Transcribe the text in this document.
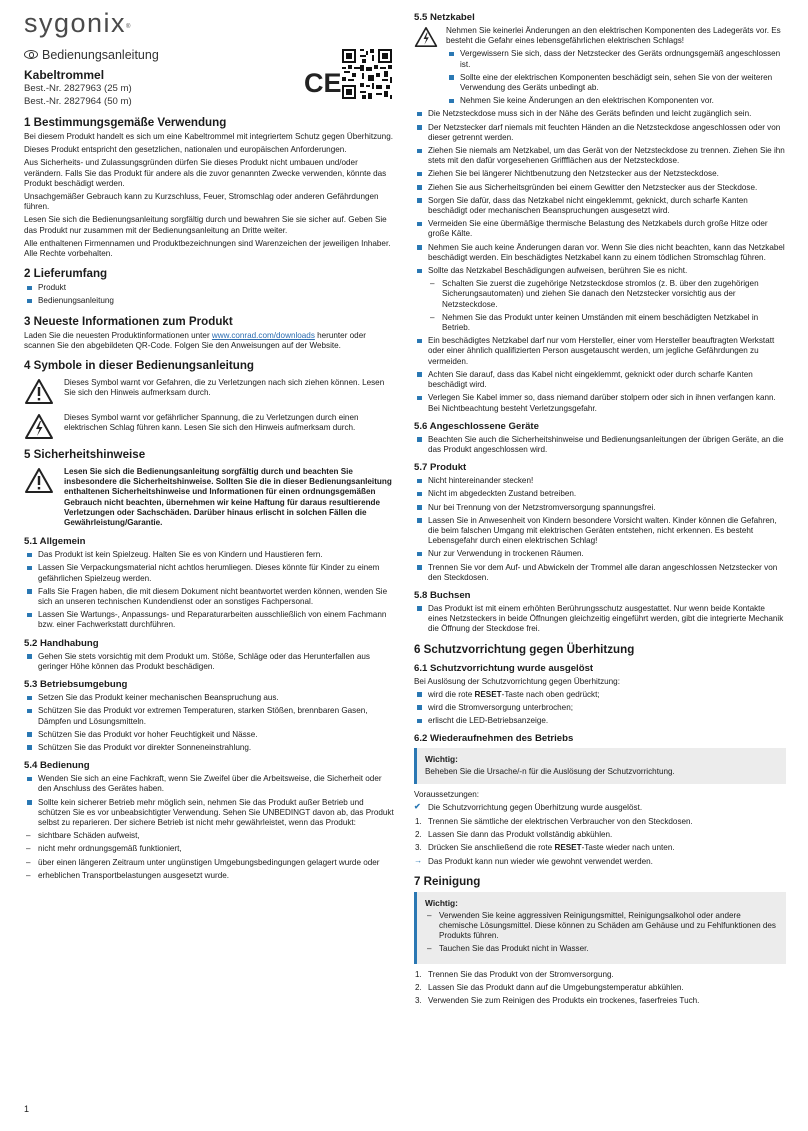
sygonix®
Bedienungsanleitung
Kabeltrommel
Best.-Nr. 2827963 (25 m)
Best.-Nr. 2827964 (50 m)
CE
1 Bestimmungsgemäße Verwendung

Bei diesem Produkt handelt es sich um eine Kabeltrommel mit integriertem Schutz gegen Überhitzung.

Dieses Produkt entspricht den gesetzlichen, nationalen und europäischen Anforderungen.

Aus Sicherheits- und Zulassungsgründen dürfen Sie dieses Produkt nicht umbauen und/oder verändern. Falls Sie das Produkt für andere als die zuvor genannten Zwecke verwenden, könnte das Produkt beschädigt werden.

Unsachgemäßer Gebrauch kann zu Kurzschluss, Feuer, Stromschlag oder anderen Gefährdungen führen.

Lesen Sie sich die Bedienungsanleitung sorgfältig durch und bewahren Sie sie sicher auf. Geben Sie das Produkt nur zusammen mit der Bedienungsanleitung an Dritte weiter.

Alle enthaltenen Firmennamen und Produktbezeichnungen sind Warenzeichen der jeweiligen Inhaber. Alle Rechte vorbehalten.

2 Lieferumfang
Produkt
Bedienungsanleitung
3 Neueste Informationen zum Produkt

Laden Sie die neuesten Produktinformationen unter www.conrad.com/downloads herunter oder scannen Sie den abgebildeten QR-Code. Folgen Sie den Anweisungen auf der Website.

4 Symbole in dieser Bedienungsanleitung

Dieses Symbol warnt vor Gefahren, die zu Verletzungen nach sich ziehen können. Lesen Sie sich den Hinweis aufmerksam durch.

Dieses Symbol warnt vor gefährlicher Spannung, die zu Verletzungen durch einen elektrischen Schlag führen kann. Lesen Sie sich den Hinweis aufmerksam durch.

5 Sicherheitshinweise

Lesen Sie sich die Bedienungsanleitung sorgfältig durch und beachten Sie insbesondere die Sicherheitshinweise. Sollten Sie die in dieser Bedienungsanleitung enthaltenen Sicherheitshinweise und Informationen für einen ordnungsgemäßen Gebrauch nicht beachten, übernehmen wir keine Haftung für daraus resultierende Verletzungen oder Sachschäden. Darüber hinaus erlischt in solchen Fällen die Gewährleistung/Garantie.

5.1 Allgemein
Das Produkt ist kein Spielzeug. Halten Sie es von Kindern und Haustieren fern.
Lassen Sie Verpackungsmaterial nicht achtlos herumliegen. Dieses könnte für Kinder zu einem gefährlichen Spielzeug werden.
Falls Sie Fragen haben, die mit diesem Dokument nicht beantwortet werden können, wenden Sie sich an unseren technischen Kundendienst oder an sonstiges Fachpersonal.
Lassen Sie Wartungs-, Anpassungs- und Reparaturarbeiten ausschließlich von einem Fachmann bzw. einer Fachwerkstatt durchführen.
5.2 Handhabung
Gehen Sie stets vorsichtig mit dem Produkt um. Stöße, Schläge oder das Herunterfallen aus geringer Höhe können das Produkt beschädigen.
5.3 Betriebsumgebung
Setzen Sie das Produkt keiner mechanischen Beanspruchung aus.
Schützen Sie das Produkt vor extremen Temperaturen, starken Stößen, brennbaren Gasen, Dämpfen und Lösungsmitteln.
Schützen Sie das Produkt vor hoher Feuchtigkeit und Nässe.
Schützen Sie das Produkt vor direkter Sonneneinstrahlung.
5.4 Bedienung
Wenden Sie sich an eine Fachkraft, wenn Sie Zweifel über die Arbeitsweise, die Sicherheit oder den Anschluss des Gerätes haben.
Sollte kein sicherer Betrieb mehr möglich sein, nehmen Sie das Produkt außer Betrieb und schützen Sie es vor unbeabsichtigter Verwendung. Sehen Sie UNBEDINGT davon ab, das Produkt selbst zu reparieren. Der sichere Betrieb ist nicht mehr gewährleistet, wenn das Produkt:
– sichtbare Schäden aufweist,
– nicht mehr ordnungsgemäß funktioniert,
– über einen längeren Zeitraum unter ungünstigen Umgebungsbedingungen gelagert wurde oder
– erheblichen Transportbelastungen ausgesetzt wurde.
5.5 Netzkabel

Nehmen Sie keinerlei Änderungen an den elektrischen Komponenten des Ladegeräts vor. Es besteht die Gefahr eines lebensgefährlichen elektrischen Schlags!

Vergewissern Sie sich, dass der Netzstecker des Geräts ordnungsgemäß angeschlossen ist.
Sollte eine der elektrischen Komponenten beschädigt sein, sehen Sie von der weiteren Verwendung des Geräts unbedingt ab.
Nehmen Sie keine Änderungen an den elektrischen Komponenten vor.
Die Netzsteckdose muss sich in der Nähe des Geräts befinden und leicht zugänglich sein.
Der Netzstecker darf niemals mit feuchten Händen an die Netzsteckdose angeschlossen oder von dieser getrennt werden.
Ziehen Sie niemals am Netzkabel, um das Gerät von der Netzsteckdose zu trennen. Ziehen Sie ihn stets mit den dafür vorgesehenen Griffflächen aus der Netzsteckdose.
Ziehen Sie bei längerer Nichtbenutzung den Netzstecker aus der Netzsteckdose.
Ziehen Sie aus Sicherheitsgründen bei einem Gewitter den Netzstecker aus der Steckdose.
Sorgen Sie dafür, dass das Netzkabel nicht eingeklemmt, geknickt, durch scharfe Kanten beschädigt oder mechanischen Beanspruchungen ausgesetzt wird.
Vermeiden Sie eine übermäßige thermische Belastung des Netzkabels durch große Hitze oder große Kälte.
Nehmen Sie auch keine Änderungen daran vor. Wenn Sie dies nicht beachten, kann das Netzkabel beschädigt werden. Ein beschädigtes Netzkabel kann zu einem tödlichen Stromschlag führen.
Sollte das Netzkabel Beschädigungen aufweisen, berühren Sie es nicht.
– Schalten Sie zuerst die zugehörige Netzsteckdose stromlos (z. B. über den zugehörigen Sicherungsautomaten) und ziehen Sie danach den Netzstecker vorsichtig aus der Netzsteckdose.
– Nehmen Sie das Produkt unter keinen Umständen mit einem beschädigten Netzkabel in Betrieb.
Ein beschädigtes Netzkabel darf nur vom Hersteller, einer vom Hersteller beauftragten Werkstatt oder einer ähnlich qualifizierten Person ausgetauscht werden, um jegliche Gefährdungen zu vermeiden.
Achten Sie darauf, dass das Kabel nicht eingeklemmt, geknickt oder durch scharfe Kanten beschädigt wird.
Verlegen Sie Kabel immer so, dass niemand darüber stolpern oder sich in ihnen verfangen kann. Bei Nichtbeachtung besteht Verletzungsgefahr.
5.6 Angeschlossene Geräte
Beachten Sie auch die Sicherheitshinweise und Bedienungsanleitungen der übrigen Geräte, an die das Produkt angeschlossen wird.
5.7 Produkt
Nicht hintereinander stecken!
Nicht im abgedeckten Zustand betreiben.
Nur bei Trennung von der Netzstromversorgung spannungsfrei.
Lassen Sie in Anwesenheit von Kindern besondere Vorsicht walten. Kinder können die Gefahren, die beim falschen Umgang mit elektrischen Geräten entstehen, nicht erkennen. Es besteht Lebensgefahr durch einen elektrischen Schlag!
Nur zur Verwendung in trockenen Räumen.
Trennen Sie vor dem Auf- und Abwickeln der Trommel alle daran angeschlossen Netzstecker von den Steckdosen.
5.8 Buchsen
Das Produkt ist mit einem erhöhten Berührungsschutz ausgestattet. Nur wenn beide Kontakte eines Netzsteckers in beide Öffnungen gleichzeitig eingeführt werden, gibt die integrierte Mechanik die Öffnung der Steckdose frei.
6 Schutzvorrichtung gegen Überhitzung
6.1 Schutzvorrichtung wurde ausgelöst

Bei Auslösung der Schutzvorrichtung gegen Überhitzung:

wird die rote RESET-Taste nach oben gedrückt;
wird die Stromversorgung unterbrochen;
erlischt die LED-Betriebsanzeige.
6.2 Wiederaufnehmen des Betriebs
Wichtig:

Beheben Sie die Ursache/-n für die Auslösung der Schutzvorrichtung.

Voraussetzungen:

✔ Die Schutzvorrichtung gegen Überhitzung wurde ausgelöst.
1. Trennen Sie sämtliche der elektrischen Verbraucher von den Steckdosen.
2. Lassen Sie dann das Produkt vollständig abkühlen.
3. Drücken Sie anschließend die rote RESET-Taste wieder nach unten.
→ Das Produkt kann nun wieder wie gewohnt verwendet werden.
7 Reinigung
Wichtig:
– Verwenden Sie keine aggressiven Reinigungsmittel, Reinigungsalkohol oder andere chemische Lösungsmittel. Diese können zu Schäden am Gehäuse und zu Fehlfunktionen des Produkts führen.
– Tauchen Sie das Produkt nicht in Wasser.
1. Trennen Sie das Produkt von der Stromversorgung.
2. Lassen Sie das Produkt dann auf die Umgebungstemperatur abkühlen.
3. Verwenden Sie zum Reinigen des Produkts ein trockenes, faserfreies Tuch.
1
